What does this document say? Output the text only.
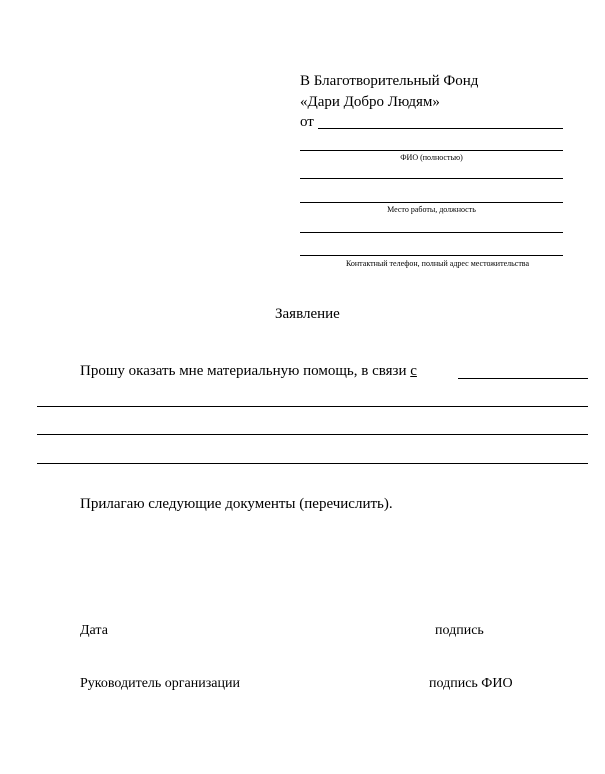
В Благотворительный Фонд
«Дари Добро Людям»
от
ФИО (полностью)
Место работы, должность
Контактный телефон, полный адрес местожительства
Заявление
Прошу оказать мне материальную помощь, в связи с
Прилагаю следующие документы (перечислить).
Дата	подпись
Руководитель организации	подпись ФИО
